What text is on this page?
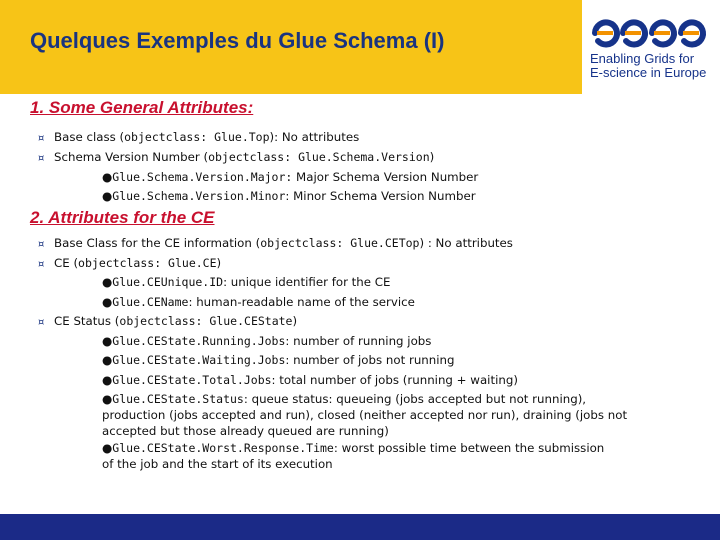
Quelques Exemples du Glue Schema (I)
Enabling Grids for
E-science in Europe
1. Some General Attributes:
¤ Base class (objectclass: Glue.Top): No attributes
¤ Schema Version Number (objectclass: Glue.Schema.Version)
●Glue.Schema.Version.Major: Major Schema Version Number
●Glue.Schema.Version.Minor: Minor Schema Version Number
2. Attributes for the CE
¤ Base Class for the CE information (objectclass: Glue.CETop) : No attributes
¤ CE (objectclass: Glue.CE)
●Glue.CEUnique.ID: unique identifier for the CE
●Glue.CEName: human-readable name of the service
¤ CE Status (objectclass: Glue.CEState)
●Glue.CEState.Running.Jobs: number of running jobs
●Glue.CEState.Waiting.Jobs: number of jobs not running
●Glue.CEState.Total.Jobs: total number of jobs (running + waiting)
●Glue.CEState.Status: queue status: queueing (jobs accepted but not running),
production (jobs accepted and run), closed (neither accepted nor run), draining (jobs not
accepted but those already queued are running)
●Glue.CEState.Worst.Response.Time: worst possible time between the submission
of the job and the start of its execution
